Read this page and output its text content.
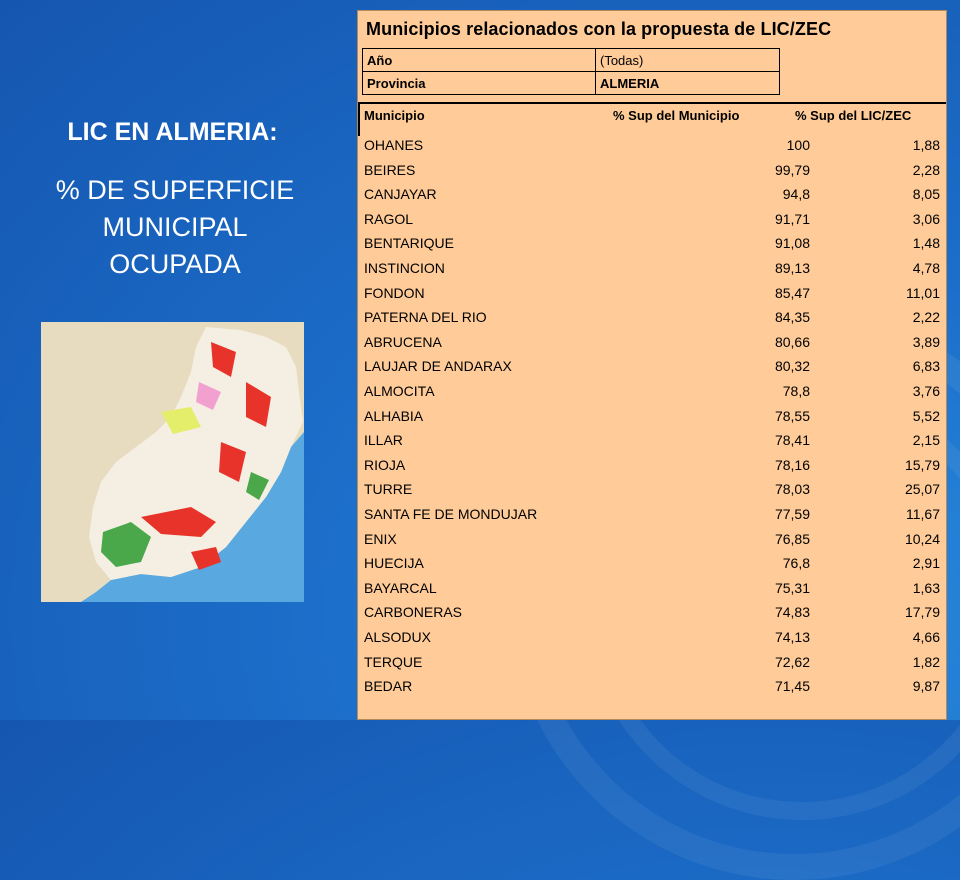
LIC EN ALMERIA:
% DE SUPERFICIE
MUNICIPAL
OCUPADA
Municipios relacionados con la propuesta de LIC/ZEC
Año	(Todas)
Provincia	ALMERIA
Municipio	% Sup del Municipio	% Sup del LIC/ZEC
OHANES	100	1,88
BEIRES	99,79	2,28
CANJAYAR	94,8	8,05
RAGOL	91,71	3,06
BENTARIQUE	91,08	1,48
INSTINCION	89,13	4,78
FONDON	85,47	11,01
PATERNA DEL RIO	84,35	2,22
ABRUCENA	80,66	3,89
LAUJAR DE ANDARAX	80,32	6,83
ALMOCITA	78,8	3,76
ALHABIA	78,55	5,52
ILLAR	78,41	2,15
RIOJA	78,16	15,79
TURRE	78,03	25,07
SANTA FE DE MONDUJAR	77,59	11,67
ENIX	76,85	10,24
HUECIJA	76,8	2,91
BAYARCAL	75,31	1,63
CARBONERAS	74,83	17,79
ALSODUX	74,13	4,66
TERQUE	72,62	1,82
BEDAR	71,45	9,87
